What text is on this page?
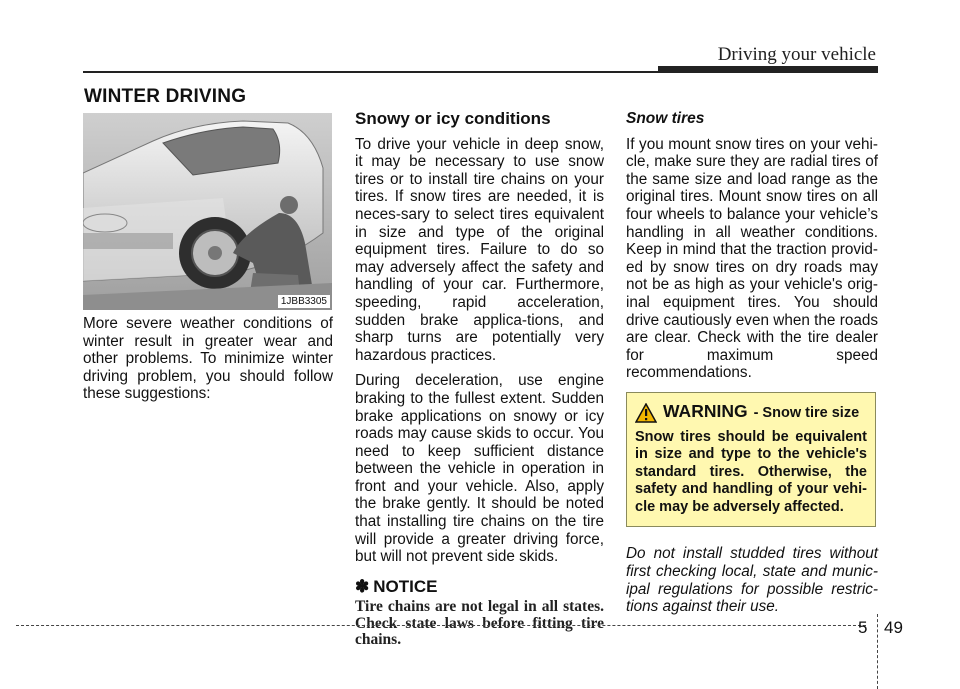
Driving your vehicle
WINTER DRIVING
1JBB3305

More severe weather conditions of winter result in greater wear and other problems. To minimize winter driving problem, you should follow these suggestions:

Snowy or icy conditions

To drive your vehicle in deep snow, it may be necessary to use snow tires or to install tire chains on your tires. If snow tires are needed, it is neces-sary to select tires equivalent in size and type of the original equipment tires. Failure to do so may adversely affect the safety and handling of your car. Furthermore, speeding, rapid acceleration, sudden brake applica-tions, and sharp turns are potentially very hazardous practices.

During deceleration, use engine braking to the fullest extent. Sudden brake applications on snowy or icy roads may cause skids to occur. You need to keep sufficient distance between the vehicle in operation in front and your vehicle. Also, apply the brake gently. It should be noted that installing tire chains on the tire will provide a greater driving force, but will not prevent side skids.

✽ NOTICE
Tire chains are not legal in all states. Check state laws before fitting tire chains.
Snow tires

If you mount snow tires on your vehi-cle, make sure they are radial tires of the same size and load range as the original tires. Mount snow tires on all four wheels to balance your vehicle’s handling in all weather conditions. Keep in mind that the traction provid-ed by snow tires on dry roads may not be as high as your vehicle's orig-inal equipment tires. You should drive cautiously even when the roads are clear. Check with the tire dealer for maximum speed recommendations.

WARNING - Snow tire size
Snow tires should be equivalent in size and type to the vehicle's standard tires. Otherwise, the safety and handling of your vehi-cle may be adversely affected.
Do not install studded tires without first checking local, state and munic-ipal regulations for possible restric-tions against their use.
5 49
